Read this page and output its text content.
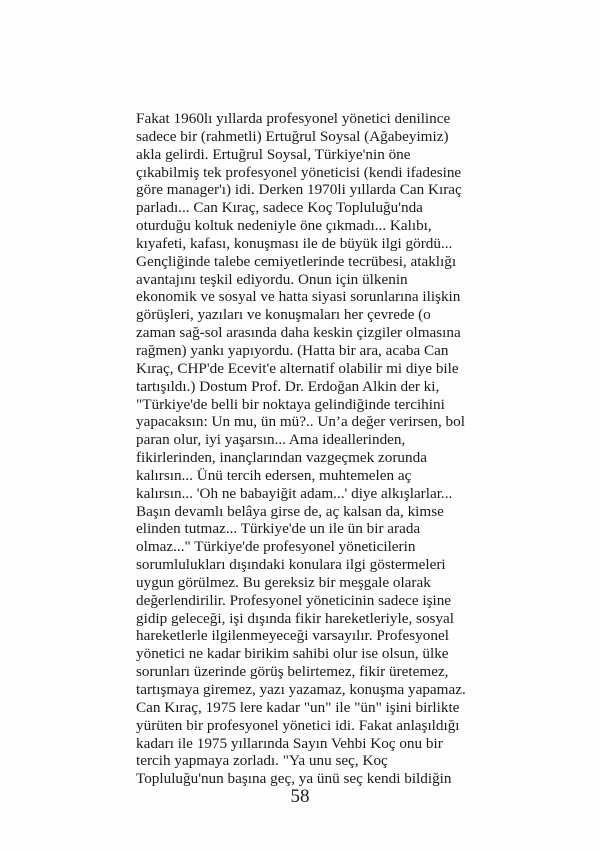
Fakat 1960lı yıllarda profesyonel yönetici denilince
sadece bir (rahmetli) Ertuğrul Soysal (Ağabeyimiz)
akla gelirdi. Ertuğrul Soysal, Türkiye'nin öne
çıkabilmiş tek profesyonel yöneticisi (kendi ifadesine
göre manager'ı) idi. Derken 1970li yıllarda Can Kıraç
parladı... Can Kıraç, sadece Koç Topluluğu'nda
oturduğu koltuk nedeniyle öne çıkmadı... Kalıbı,
kıyafeti, kafası, konuşması ile de büyük ilgi gördü...
Gençliğinde talebe cemiyetlerinde tecrübesi, ataklığı
avantajını teşkil ediyordu. Onun için ülkenin
ekonomik ve sosyal ve hatta siyasi sorunlarına ilişkin
görüşleri, yazıları ve konuşmaları her çevrede (o
zaman sağ-sol arasında daha keskin çizgiler olmasına
rağmen) yankı yapıyordu. (Hatta bir ara, acaba Can
Kıraç, CHP'de Ecevit'e alternatif olabilir mi diye bile
tartışıldı.) Dostum Prof. Dr. Erdoğan Alkin der ki,
"Türkiye'de belli bir noktaya gelindiğinde tercihini
yapacaksın: Un mu, ün mü?.. Un’a değer verirsen, bol
paran olur, iyi yaşarsın... Ama ideallerinden,
fikirlerinden, inançlarından vazgeçmek zorunda
kalırsın... Ünü tercih edersen, muhtemelen aç
kalırsın... 'Oh ne babayiğit adam...' diye alkışlarlar...
Başın devamlı belâya girse de, aç kalsan da, kimse
elinden tutmaz... Türkiye'de un ile ün bir arada
olmaz..." Türkiye'de profesyonel yöneticilerin
sorumlulukları dışındaki konulara ilgi göstermeleri
uygun görülmez. Bu gereksiz bir meşgale olarak
değerlendirilir. Profesyonel yöneticinin sadece işine
gidip geleceği, işi dışında fikir hareketleriyle, sosyal
hareketlerle ilgilenmeyeceği varsayılır. Profesyonel
yönetici ne kadar birikim sahibi olur ise olsun, ülke
sorunları üzerinde görüş belirtemez, fikir üretemez,
tartışmaya giremez, yazı yazamaz, konuşma yapamaz.
Can Kıraç, 1975 lere kadar "un" ile "ün" işini birlikte
yürüten bir profesyonel yönetici idi. Fakat anlaşıldığı
kadarı ile 1975 yıllarında Sayın Vehbi Koç onu bir
tercih yapmaya zorladı. "Ya unu seç, Koç
Topluluğu'nun başına geç, ya ünü seç kendi bildiğin

58
